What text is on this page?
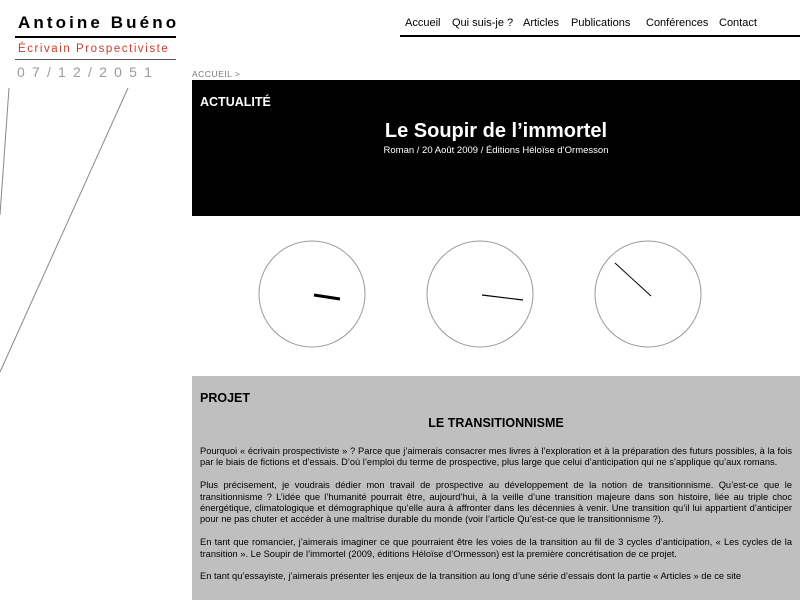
Antoine Buéno
Écrivain Prospectiviste
07/12/2051
Accueil Qui suis-je ? Articles Publications Conférences Contact
ACCUEIL >
ACTUALITÉ
Le Soupir de l’immortel
Roman / 20 Août 2009 / Éditions Héloïse d’Ormesson
PROJET
LE TRANSITIONNISME

Pourquoi « écrivain prospectiviste » ? Parce que j’aimerais consacrer mes livres à l’exploration et à la préparation des futurs possibles, à la fois par le biais de fictions et d’essais. D’où l’emploi du terme de prospective, plus large que celui d’anticipation qui ne s’applique qu’aux romans.

Plus précisement, je voudrais dédier mon travail de prospective au développement de la notion de transitionnisme. Qu’est-ce que le transitionnisme ? L’idée que l’humanité pourrait être, aujourd’hui, à la veille d’une transition majeure dans son histoire, liée au triple choc énergétique, climatologique et démographique qu’elle aura à affronter dans les décennies à venir. Une transition qu’il lui appartient d’anticiper pour ne pas chuter et accéder à une maîtrise durable du monde (voir l’article Qu’est-ce que le transitionnisme ?).

En tant que romancier, j’aimerais imaginer ce que pourraient être les voies de la transition au fil de 3 cycles d’anticipation, « Les cycles de la transition ». Le Soupir de l’immortel (2009, éditions Héloïse d’Ormesson) est la première concrétisation de ce projet.

En tant qu’essayiste, j’aimerais présenter les enjeux de la transition au long d’une série d’essais dont la partie « Articles » de ce site
